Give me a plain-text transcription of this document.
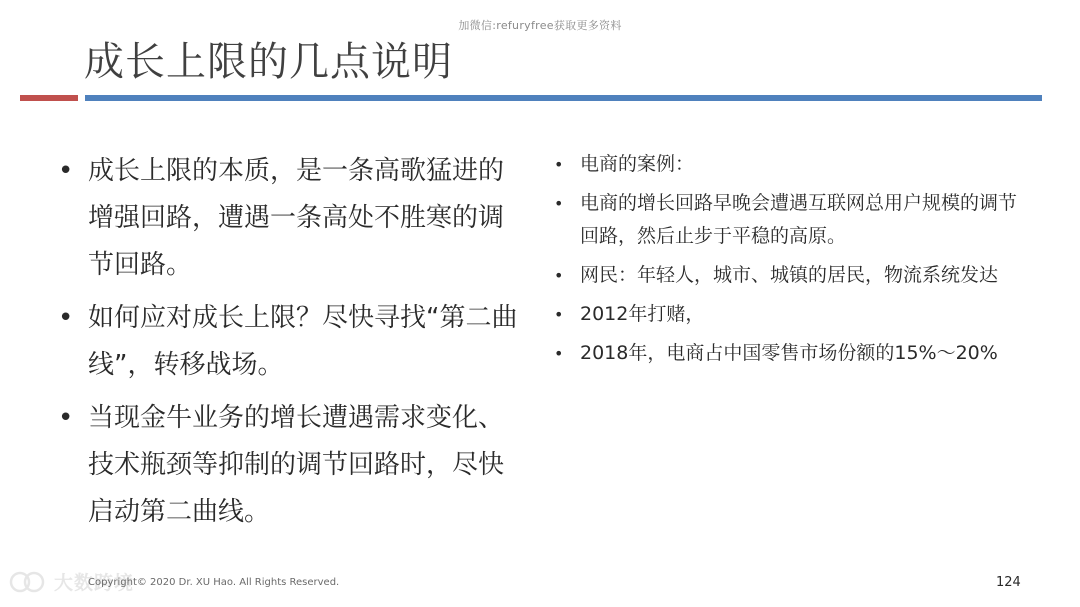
加微信:refuryfree获取更多资料
成长上限的几点说明
• 成长上限的本质，是一条高歌猛进的增强回路，遭遇一条高处不胜寒的调节回路。
• 如何应对成长上限？尽快寻找“第二曲线”，转移战场。
• 当现金牛业务的增长遭遇需求变化、技术瓶颈等抑制的调节回路时，尽快启动第二曲线。
• 电商的案例：
• 电商的增长回路早晚会遭遇互联网总用户规模的调节回路，然后止步于平稳的高原。
• 网民：年轻人，城市、城镇的居民，物流系统发达
• 2012年打赌，
• 2018年，电商占中国零售市场份额的15%～20%
大数跨境
Copyright© 2020 Dr. XU Hao. All Rights Reserved.	124
